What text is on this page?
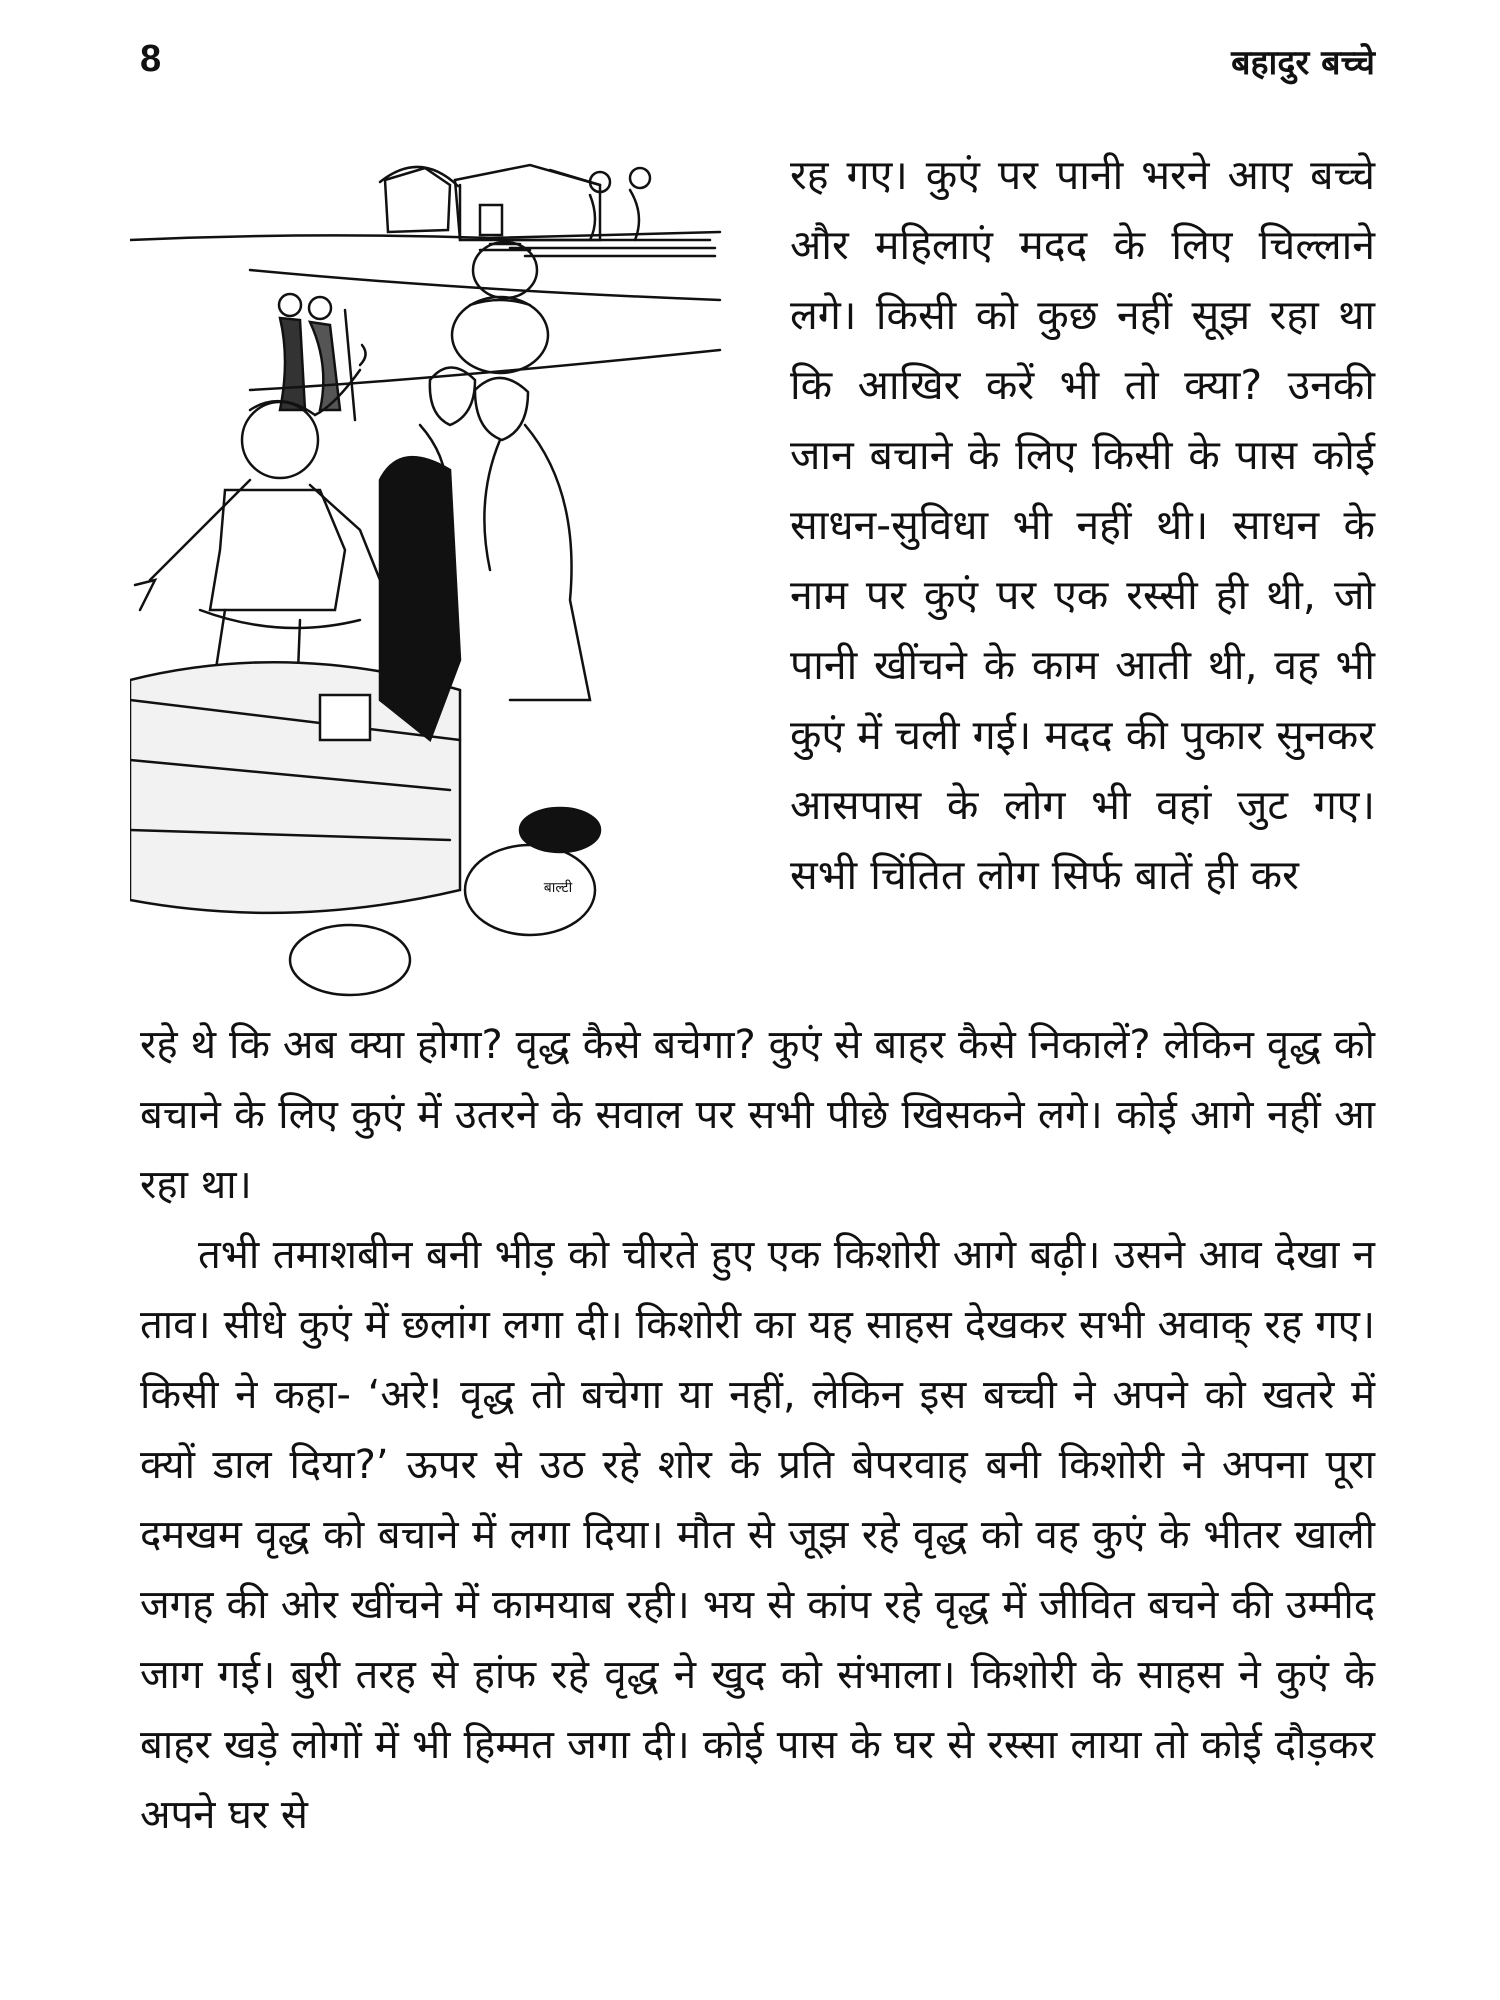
8	बहादुर बच्चे
बाल्टी

रह गए। कुएं पर पानी भरने आए बच्चे और महिलाएं मदद के लिए चिल्लाने लगे। किसी को कुछ नहीं सूझ रहा था कि आखिर करें भी तो क्या? उनकी जान बचाने के लिए किसी के पास कोई साधन-सुविधा भी नहीं थी। साधन के नाम पर कुएं पर एक रस्सी ही थी, जो पानी खींचने के काम आती थी, वह भी कुएं में चली गई। मदद की पुकार सुनकर आसपास के लोग भी वहां जुट गए। सभी चिंतित लोग सिर्फ बातें ही कर

रहे थे कि अब क्या होगा? वृद्ध कैसे बचेगा? कुएं से बाहर कैसे निकालें? लेकिन वृद्ध को बचाने के लिए कुएं में उतरने के सवाल पर सभी पीछे खिसकने लगे। कोई आगे नहीं आ रहा था।

तभी तमाशबीन बनी भीड़ को चीरते हुए एक किशोरी आगे बढ़ी। उसने आव देखा न ताव। सीधे कुएं में छलांग लगा दी। किशोरी का यह साहस देखकर सभी अवाक् रह गए। किसी ने कहा- ‘अरे! वृद्ध तो बचेगा या नहीं, लेकिन इस बच्ची ने अपने को खतरे में क्यों डाल दिया?’ ऊपर से उठ रहे शोर के प्रति बेपरवाह बनी किशोरी ने अपना पूरा दमखम वृद्ध को बचाने में लगा दिया। मौत से जूझ रहे वृद्ध को वह कुएं के भीतर खाली जगह की ओर खींचने में कामयाब रही। भय से कांप रहे वृद्ध में जीवित बचने की उम्मीद जाग गई। बुरी तरह से हांफ रहे वृद्ध ने खुद को संभाला। किशोरी के साहस ने कुएं के बाहर खड़े लोगों में भी हिम्मत जगा दी। कोई पास के घर से रस्सा लाया तो कोई दौड़कर अपने घर से
